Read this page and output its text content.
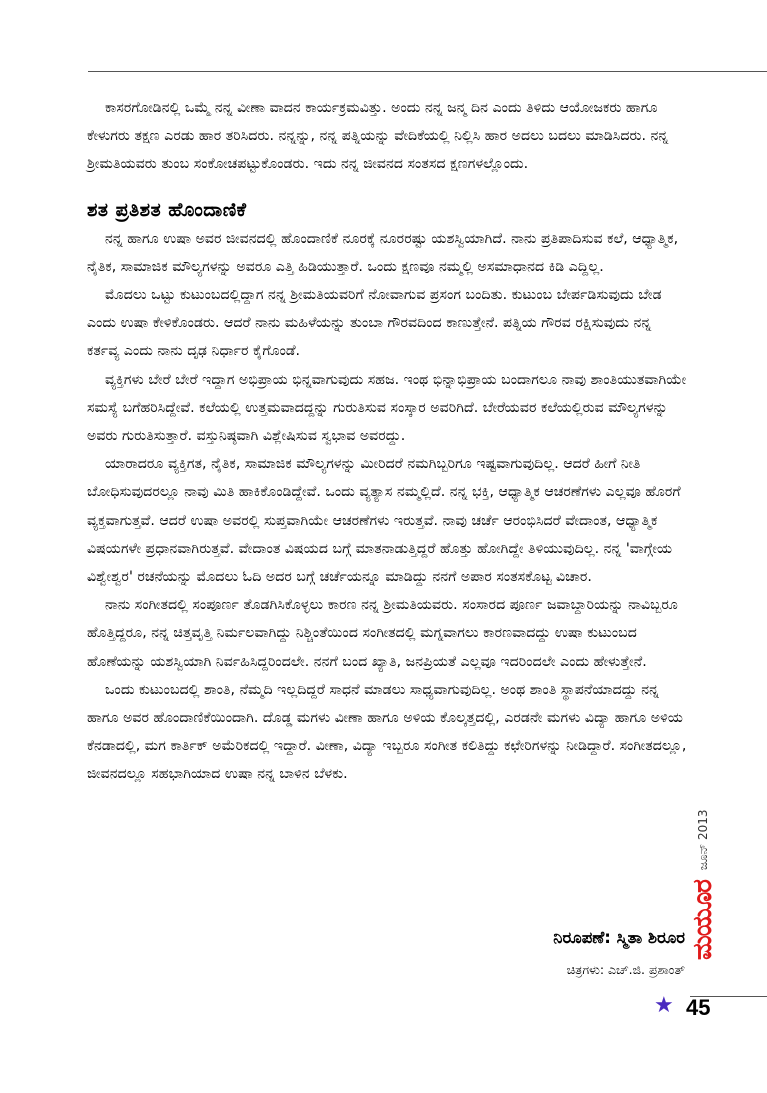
ಕಾಸರಗೋಡಿನಲ್ಲಿ ಒಮ್ಮೆ ನನ್ನ ವೀಣಾ ವಾದನ ಕಾರ್ಯಕ್ರಮವಿತ್ತು. ಅಂದು ನನ್ನ ಜನ್ಮ ದಿನ ಎಂದು ತಿಳಿದು ಆಯೋಜಕರು ಹಾಗೂ ಕೇಳುಗರು ತಕ್ಷಣ ಎರಡು ಹಾರ ತರಿಸಿದರು. ನನ್ನನ್ನು, ನನ್ನ ಪತ್ನಿಯನ್ನು ವೇದಿಕೆಯಲ್ಲಿ ನಿಲ್ಲಿಸಿ ಹಾರ ಅದಲು ಬದಲು ಮಾಡಿಸಿದರು. ನನ್ನ ಶ್ರೀಮತಿಯವರು ತುಂಬ ಸಂಕೋಚಪಟ್ಟುಕೊಂಡರು. ಇದು ನನ್ನ ಜೀವನದ ಸಂತಸದ ಕ್ಷಣಗಳಲ್ಲೊಂದು.

ಶತ ಪ್ರತಿಶತ ಹೊಂದಾಣಿಕೆ

ನನ್ನ ಹಾಗೂ ಉಷಾ ಅವರ ಜೀವನದಲ್ಲಿ ಹೊಂದಾಣಿಕೆ ನೂರಕ್ಕೆ ನೂರರಷ್ಟು ಯಶಸ್ವಿಯಾಗಿದೆ. ನಾನು ಪ್ರತಿಪಾದಿಸುವ ಕಲೆ, ಆಧ್ಯಾತ್ಮಿಕ, ನೈತಿಕ, ಸಾಮಾಜಿಕ ಮೌಲ್ಯಗಳನ್ನು ಅವರೂ ಎತ್ತಿ ಹಿಡಿಯುತ್ತಾರೆ. ಒಂದು ಕ್ಷಣವೂ ನಮ್ಮಲ್ಲಿ ಅಸಮಾಧಾನದ ಕಿಡಿ ಎದ್ದಿಲ್ಲ.

ಮೊದಲು ಒಟ್ಟು ಕುಟುಂಬದಲ್ಲಿದ್ದಾಗ ನನ್ನ ಶ್ರೀಮತಿಯವರಿಗೆ ನೋವಾಗುವ ಪ್ರಸಂಗ ಬಂದಿತು. ಕುಟುಂಬ ಬೇರ್ಪಡಿಸುವುದು ಬೇಡ ಎಂದು ಉಷಾ ಕೇಳಿಕೊಂಡರು. ಆದರೆ ನಾನು ಮಹಿಳೆಯನ್ನು ತುಂಬಾ ಗೌರವದಿಂದ ಕಾಣುತ್ತೇನೆ. ಪತ್ನಿಯ ಗೌರವ ರಕ್ಷಿಸುವುದು ನನ್ನ ಕರ್ತವ್ಯ ಎಂದು ನಾನು ದೃಢ ನಿರ್ಧಾರ ಕೈಗೊಂಡೆ.

ವ್ಯಕ್ತಿಗಳು ಬೇರೆ ಬೇರೆ ಇದ್ದಾಗ ಅಭಿಪ್ರಾಯ ಭಿನ್ನವಾಗುವುದು ಸಹಜ. ಇಂಥ ಭಿನ್ನಾಭಿಪ್ರಾಯ ಬಂದಾಗಲೂ ನಾವು ಶಾಂತಿಯುತವಾಗಿಯೇ ಸಮಸ್ಯೆ ಬಗೆಹರಿಸಿದ್ದೇವೆ. ಕಲೆಯಲ್ಲಿ ಉತ್ತಮವಾದದ್ದನ್ನು ಗುರುತಿಸುವ ಸಂಸ್ಕಾರ ಅವರಿಗಿದೆ. ಬೇರೆಯವರ ಕಲೆಯಲ್ಲಿರುವ ಮೌಲ್ಯಗಳನ್ನು ಅವರು ಗುರುತಿಸುತ್ತಾರೆ. ವಸ್ತುನಿಷ್ಠವಾಗಿ ವಿಶ್ಲೇಷಿಸುವ ಸ್ವಭಾವ ಅವರದ್ದು.

ಯಾರಾದರೂ ವ್ಯಕ್ತಿಗತ, ನೈತಿಕ, ಸಾಮಾಜಿಕ ಮೌಲ್ಯಗಳನ್ನು ಮೀರಿದರೆ ನಮಗಿಬ್ಬರಿಗೂ ಇಷ್ಟವಾಗುವುದಿಲ್ಲ. ಆದರೆ ಹೀಗೆ ನೀತಿ ಬೋಧಿಸುವುದರಲ್ಲೂ ನಾವು ಮಿತಿ ಹಾಕಿಕೊಂಡಿದ್ದೇವೆ. ಒಂದು ವ್ಯತ್ಯಾಸ ನಮ್ಮಲ್ಲಿದೆ. ನನ್ನ ಭಕ್ತಿ, ಆಧ್ಯಾತ್ಮಿಕ ಆಚರಣೆಗಳು ಎಲ್ಲವೂ ಹೊರಗೆ ವ್ಯಕ್ತವಾಗುತ್ತವೆ. ಆದರೆ ಉಷಾ ಅವರಲ್ಲಿ ಸುಪ್ತವಾಗಿಯೇ ಆಚರಣೆಗಳು ಇರುತ್ತವೆ. ನಾವು ಚರ್ಚೆ ಆರಂಭಿಸಿದರೆ ವೇದಾಂತ, ಆಧ್ಯಾತ್ಮಿಕ ವಿಷಯಗಳೇ ಪ್ರಧಾನವಾಗಿರುತ್ತವೆ. ವೇದಾಂತ ವಿಷಯದ ಬಗ್ಗೆ ಮಾತನಾಡುತ್ತಿದ್ದರೆ ಹೊತ್ತು ಹೋಗಿದ್ದೇ ತಿಳಿಯುವುದಿಲ್ಲ. ನನ್ನ 'ವಾಗ್ಗೇಯ ವಿಶ್ವೇಶ್ವರ' ರಚನೆಯನ್ನು ಮೊದಲು ಓದಿ ಅದರ ಬಗ್ಗೆ ಚರ್ಚೆಯನ್ನೂ ಮಾಡಿದ್ದು ನನಗೆ ಅಪಾರ ಸಂತಸಕೊಟ್ಟ ವಿಚಾರ.

ನಾನು ಸಂಗೀತದಲ್ಲಿ ಸಂಪೂರ್ಣ ತೊಡಗಿಸಿಕೊಳ್ಳಲು ಕಾರಣ ನನ್ನ ಶ್ರೀಮತಿಯವರು. ಸಂಸಾರದ ಪೂರ್ಣ ಜವಾಬ್ದಾರಿಯನ್ನು ನಾವಿಬ್ಬರೂ ಹೊತ್ತಿದ್ದರೂ, ನನ್ನ ಚಿತ್ತವೃತ್ತಿ ನಿರ್ಮಲವಾಗಿದ್ದು ನಿಶ್ಚಿಂತೆಯಿಂದ ಸಂಗೀತದಲ್ಲಿ ಮಗ್ನವಾಗಲು ಕಾರಣವಾದದ್ದು ಉಷಾ ಕುಟುಂಬದ ಹೊಣೆಯನ್ನು ಯಶಸ್ವಿಯಾಗಿ ನಿರ್ವಹಿಸಿದ್ದರಿಂದಲೇ. ನನಗೆ ಬಂದ ಖ್ಯಾತಿ, ಜನಪ್ರಿಯತೆ ಎಲ್ಲವೂ ಇದರಿಂದಲೇ ಎಂದು ಹೇಳುತ್ತೇನೆ.

ಒಂದು ಕುಟುಂಬದಲ್ಲಿ ಶಾಂತಿ, ನೆಮ್ಮದಿ ಇಲ್ಲದಿದ್ದರೆ ಸಾಧನೆ ಮಾಡಲು ಸಾಧ್ಯವಾಗುವುದಿಲ್ಲ. ಅಂಥ ಶಾಂತಿ ಸ್ಥಾಪನೆಯಾದದ್ದು ನನ್ನ ಹಾಗೂ ಅವರ ಹೊಂದಾಣಿಕೆಯಿಂದಾಗಿ. ದೊಡ್ಡ ಮಗಳು ವೀಣಾ ಹಾಗೂ ಅಳಿಯ ಕೊಲ್ಕತ್ತದಲ್ಲಿ, ಎರಡನೇ ಮಗಳು ವಿದ್ಯಾ ಹಾಗೂ ಅಳಿಯ ಕೆನಡಾದಲ್ಲಿ, ಮಗ ಕಾರ್ತಿಕ್ ಅಮೆರಿಕದಲ್ಲಿ ಇದ್ದಾರೆ. ವೀಣಾ, ವಿದ್ಯಾ ಇಬ್ಬರೂ ಸಂಗೀತ ಕಲಿತಿದ್ದು ಕಛೇರಿಗಳನ್ನು ನೀಡಿದ್ದಾರೆ. ಸಂಗೀತದಲ್ಲೂ, ಜೀವನದಲ್ಲೂ ಸಹಭಾಗಿಯಾದ ಉಷಾ ನನ್ನ ಬಾಳಿನ ಬೆಳಕು.

ನಿರೂಪಣೆ: ಸ್ಮಿತಾ ಶಿರೂರ
ಚಿತ್ರಗಳು: ಎಚ್.ಜಿ. ಪ್ರಶಾಂತ್
ಮಯೂರ
ಜೂನ್ 2013
★ 45
